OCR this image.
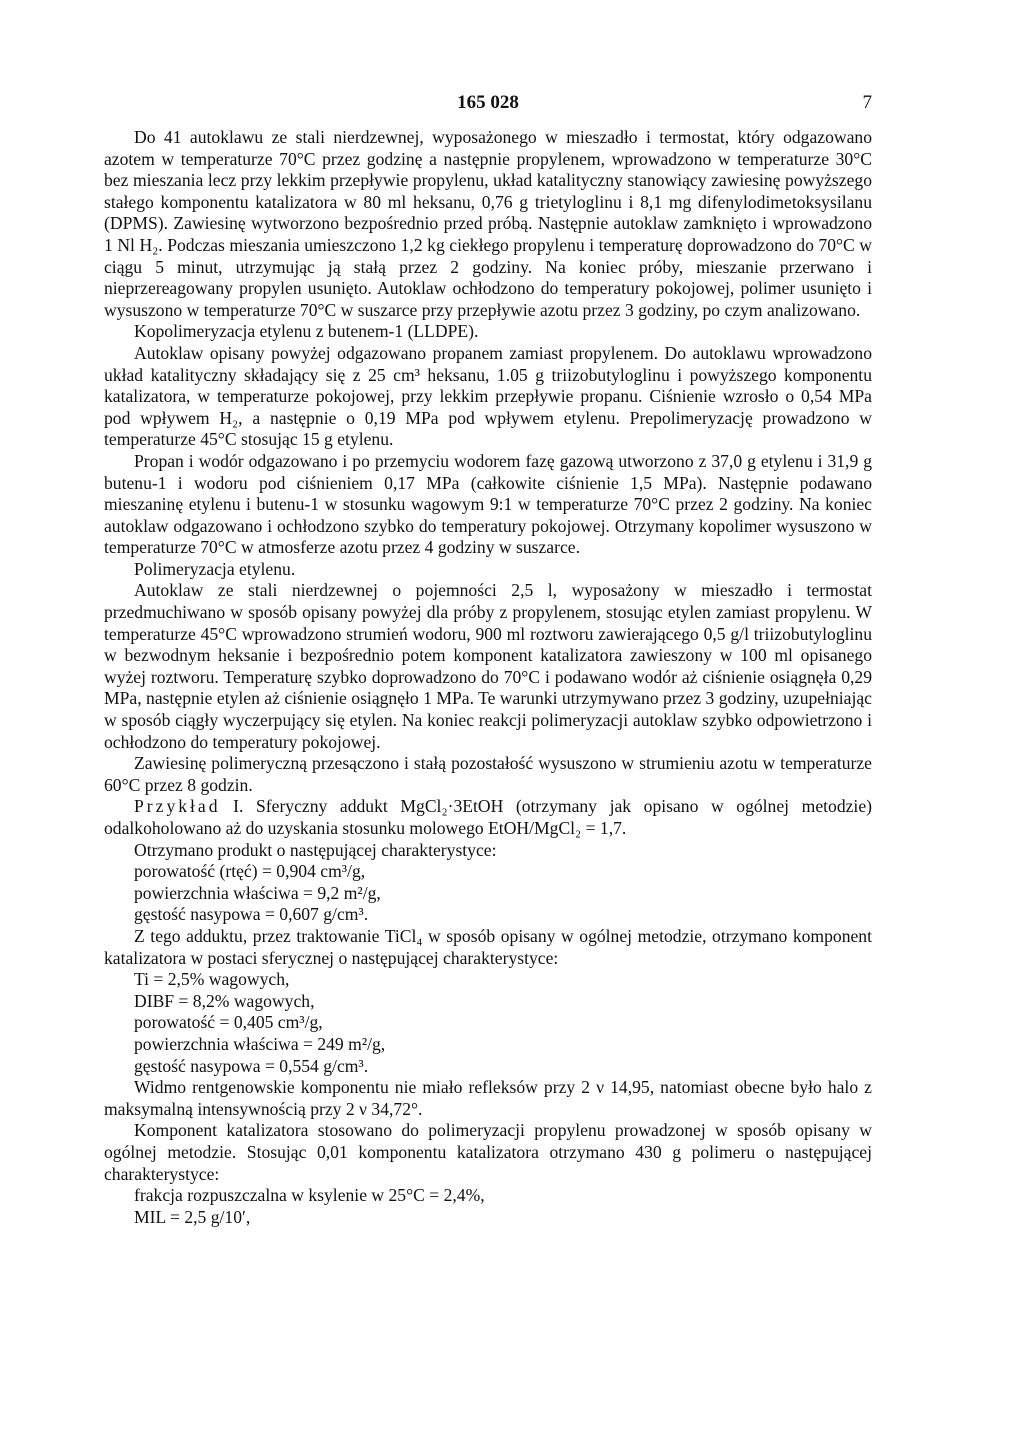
165 028	7

Do 41 autoklawu ze stali nierdzewnej, wyposażonego w mieszadło i termostat, który odgazowano azotem w temperaturze 70°C przez godzinę a następnie propylenem, wprowadzono w temperaturze 30°C bez mieszania lecz przy lekkim przepływie propylenu, układ katalityczny stanowiący zawiesinę powyższego stałego komponentu katalizatora w 80 ml heksanu, 0,76 g trietyloglinu i 8,1 mg difenylodimetoksysilanu (DPMS). Zawiesinę wytworzono bezpośrednio przed próbą. Następnie autoklaw zamknięto i wprowadzono 1 Nl H₂. Podczas mieszania umieszczono 1,2 kg ciekłego propylenu i temperaturę doprowadzono do 70°C w ciągu 5 minut, utrzymując ją stałą przez 2 godziny. Na koniec próby, mieszanie przerwano i nieprzereagowany propylen usunięto. Autoklaw ochłodzono do temperatury pokojowej, polimer usunięto i wysuszono w temperaturze 70°C w suszarce przy przepływie azotu przez 3 godziny, po czym analizowano.

Kopolimeryzacja etylenu z butenem-1 (LLDPE).

Autoklaw opisany powyżej odgazowano propanem zamiast propylenem. Do autoklawu wprowadzono układ katalityczny składający się z 25 cm³ heksanu, 1.05 g triizobutyloglinu i powyższego komponentu katalizatora, w temperaturze pokojowej, przy lekkim przepływie propanu. Ciśnienie wzrosło o 0,54 MPa pod wpływem H₂, a następnie o 0,19 MPa pod wpływem etylenu. Prepolimeryzację prowadzono w temperaturze 45°C stosując 15 g etylenu.

Propan i wodór odgazowano i po przemyciu wodorem fazę gazową utworzono z 37,0 g etylenu i 31,9 g butenu-1 i wodoru pod ciśnieniem 0,17 MPa (całkowite ciśnienie 1,5 MPa). Następnie podawano mieszaninę etylenu i butenu-1 w stosunku wagowym 9:1 w temperaturze 70°C przez 2 godziny. Na koniec autoklaw odgazowano i ochłodzono szybko do temperatury pokojowej. Otrzymany kopolimer wysuszono w temperaturze 70°C w atmosferze azotu przez 4 godziny w suszarce.

Polimeryzacja etylenu.

Autoklaw ze stali nierdzewnej o pojemności 2,5 l, wyposażony w mieszadło i termostat przedmuchiwano w sposób opisany powyżej dla próby z propylenem, stosując etylen zamiast propylenu. W temperaturze 45°C wprowadzono strumień wodoru, 900 ml roztworu zawierającego 0,5 g/l triizobutyloglinu w bezwodnym heksanie i bezpośrednio potem komponent katalizatora zawieszony w 100 ml opisanego wyżej roztworu. Temperaturę szybko doprowadzono do 70°C i podawano wodór aż ciśnienie osiągnęła 0,29 MPa, następnie etylen aż ciśnienie osiągnęło 1 MPa. Te warunki utrzymywano przez 3 godziny, uzupełniając w sposób ciągły wyczerpujący się etylen. Na koniec reakcji polimeryzacji autoklaw szybko odpowietrzono i ochłodzono do temperatury pokojowej.

Zawiesinę polimeryczną przesączono i stałą pozostałość wysuszono w strumieniu azotu w temperaturze 60°C przez 8 godzin.

Przykład I. Sferyczny addukt MgCl₂·3EtOH (otrzymany jak opisano w ogólnej metodzie) odalkoholowano aż do uzyskania stosunku molowego EtOH/MgCl₂ = 1,7.

Otrzymano produkt o następującej charakterystyce:

porowatość (rtęć) = 0,904 cm³/g,

powierzchnia właściwa = 9,2 m²/g,

gęstość nasypowa = 0,607 g/cm³.

Z tego adduktu, przez traktowanie TiCl₄ w sposób opisany w ogólnej metodzie, otrzymano komponent katalizatora w postaci sferycznej o następującej charakterystyce:

Ti = 2,5% wagowych,

DIBF = 8,2% wagowych,

porowatość = 0,405 cm³/g,

powierzchnia właściwa = 249 m²/g,

gęstość nasypowa = 0,554 g/cm³.

Widmo rentgenowskie komponentu nie miało refleksów przy 2 ν 14,95, natomiast obecne było halo z maksymalną intensywnością przy 2 ν 34,72°.

Komponent katalizatora stosowano do polimeryzacji propylenu prowadzonej w sposób opisany w ogólnej metodzie. Stosując 0,01 komponentu katalizatora otrzymano 430 g polimeru o następującej charakterystyce:

frakcja rozpuszczalna w ksylenie w 25°C = 2,4%,

MIL = 2,5 g/10′,
